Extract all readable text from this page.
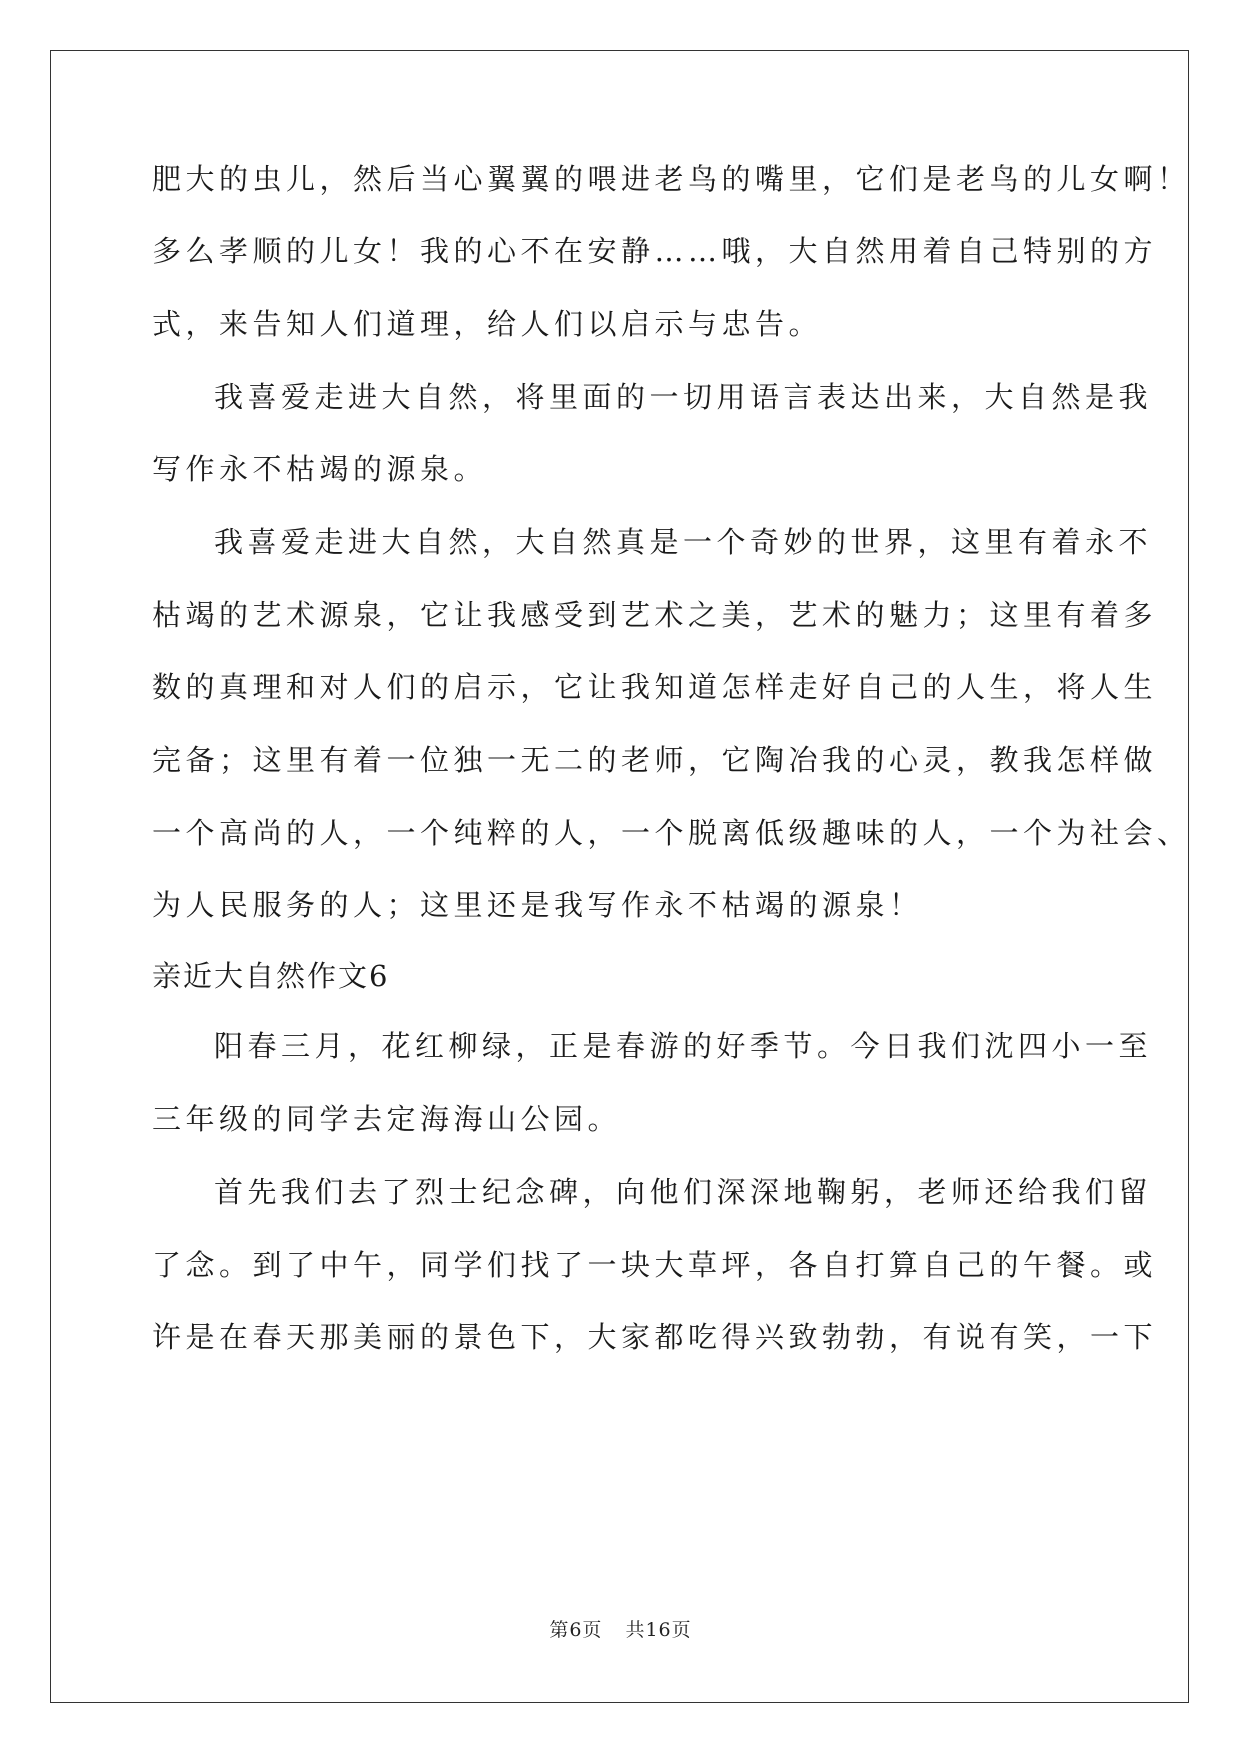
肥大的虫儿，然后当心翼翼的喂进老鸟的嘴里，它们是老鸟的儿女啊！
多么孝顺的儿女！我的心不在安静……哦，大自然用着自己特别的方
式，来告知人们道理，给人们以启示与忠告。
我喜爱走进大自然，将里面的一切用语言表达出来，大自然是我
写作永不枯竭的源泉。
我喜爱走进大自然，大自然真是一个奇妙的世界，这里有着永不
枯竭的艺术源泉，它让我感受到艺术之美，艺术的魅力；这里有着多
数的真理和对人们的启示，它让我知道怎样走好自己的人生，将人生
完备；这里有着一位独一无二的老师，它陶冶我的心灵，教我怎样做
一个高尚的人，一个纯粹的人，一个脱离低级趣味的人，一个为社会、
为人民服务的人；这里还是我写作永不枯竭的源泉！
亲近大自然作文6
阳春三月，花红柳绿，正是春游的好季节。今日我们沈四小一至
三年级的同学去定海海山公园。
首先我们去了烈士纪念碑，向他们深深地鞠躬，老师还给我们留
了念。到了中午，同学们找了一块大草坪，各自打算自己的午餐。或
许是在春天那美丽的景色下，大家都吃得兴致勃勃，有说有笑，一下
第6页 共16页
